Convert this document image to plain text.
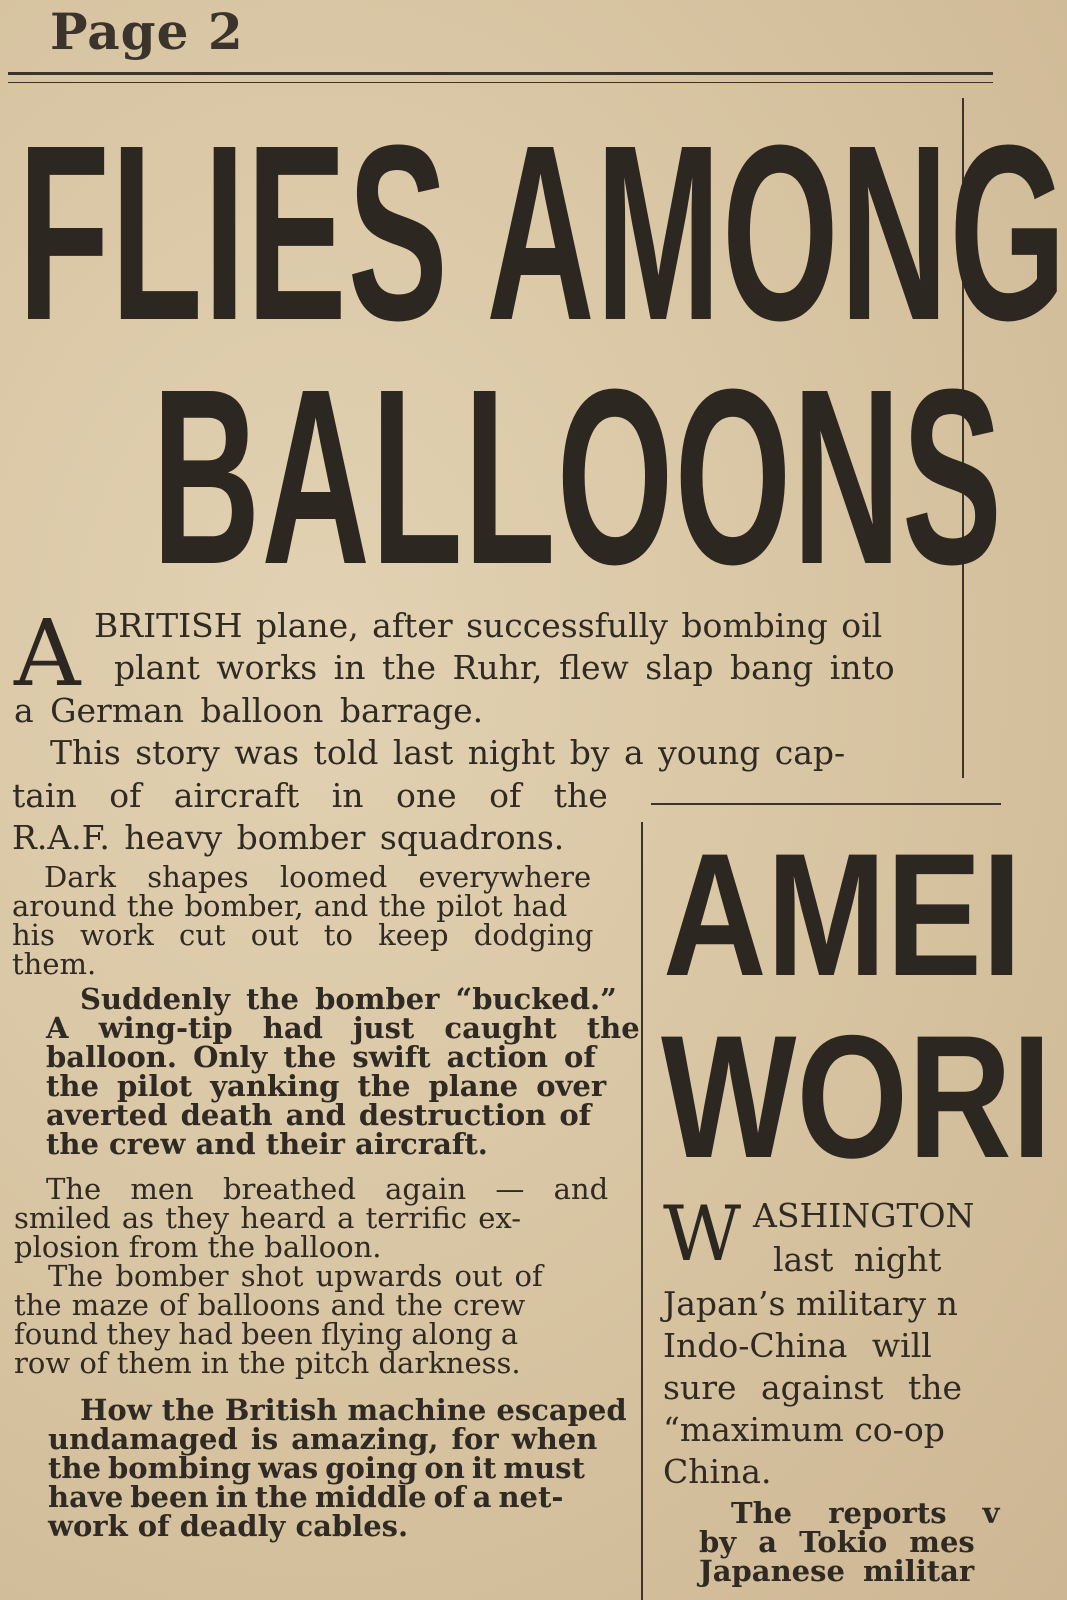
Page 2
FLIES AMONG
BALLOONS
A BRITISH plane, after successfully bombing oil
plant works in the Ruhr, flew slap bang into
a German balloon barrage.
This story was told last night by a young cap-
tain of aircraft in one of the
R.A.F. heavy bomber squadrons.
Dark shapes loomed everywhere
around the bomber, and the pilot had
his work cut out to keep dodging
them.
Suddenly the bomber “bucked.”
A wing-tip had just caught the
balloon. Only the swift action of
the pilot yanking the plane over
averted death and destruction of
the crew and their aircraft.
The men breathed again — and
smiled as they heard a terrific ex-
plosion from the balloon.
The bomber shot upwards out of
the maze of balloons and the crew
found they had been flying along a
row of them in the pitch darkness.
How the British machine escaped
undamaged is amazing, for when
the bombing was going on it must
have been in the middle of a net-
work of deadly cables.
AMEI
WORI
W ASHINGTON
last night
Japan’s military n
Indo-China will
sure against the
“maximum co-op
China.
The reports v
by a Tokio mes
Japanese militar
